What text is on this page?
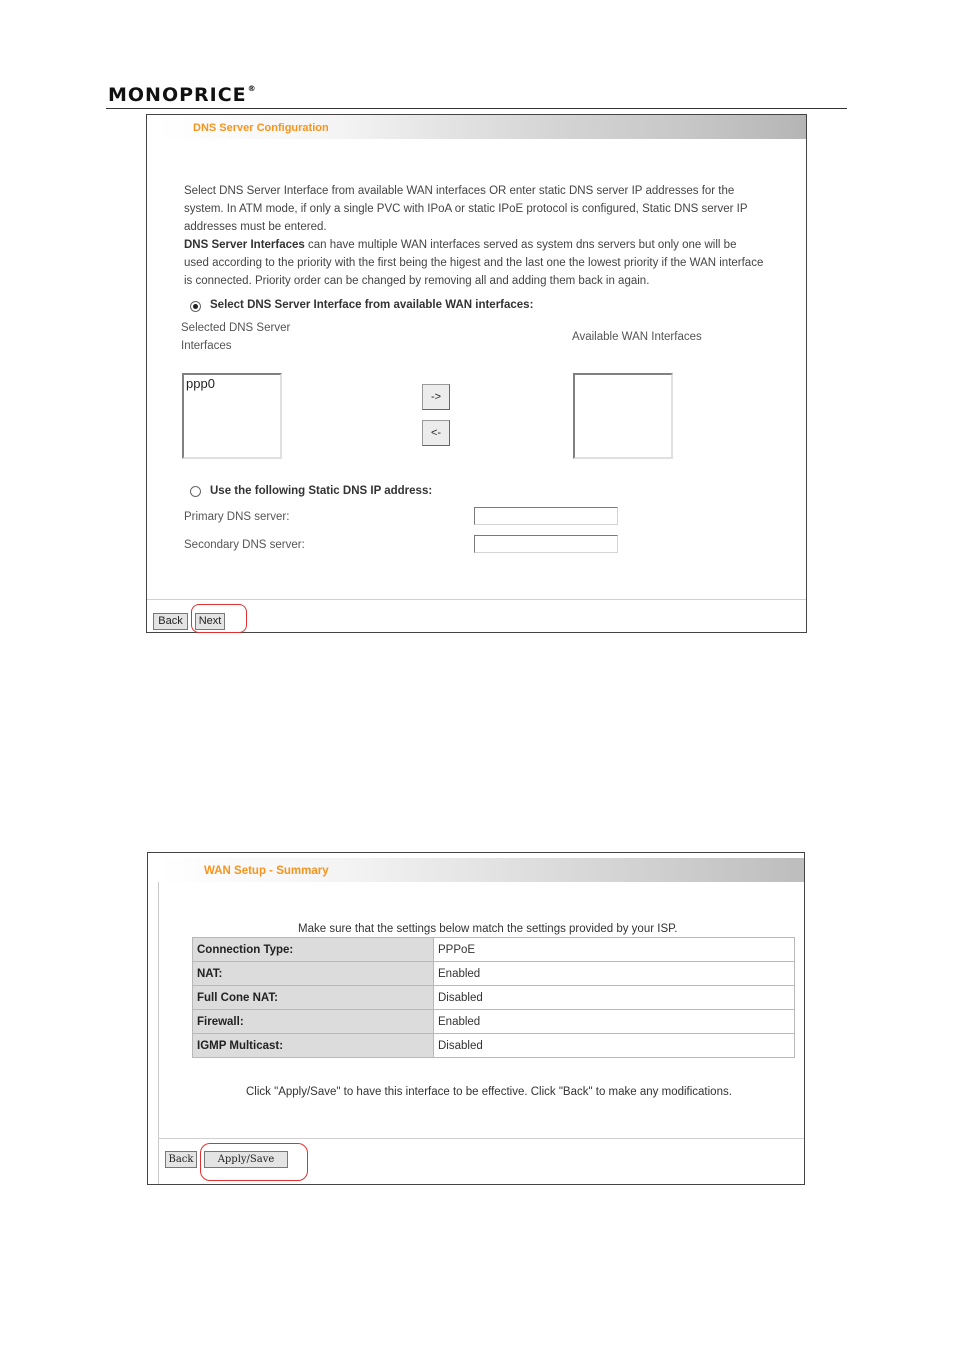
MONOPRICE®
DNS Server Configuration
Select DNS Server Interface from available WAN interfaces OR enter static DNS server IP addresses for the
system. In ATM mode, if only a single PVC with IPoA or static IPoE protocol is configured, Static DNS server IP
addresses must be entered.
DNS Server Interfaces can have multiple WAN interfaces served as system dns servers but only one will be
used according to the priority with the first being the higest and the last one the lowest priority if the WAN interface
is connected. Priority order can be changed by removing all and adding them back in again.
Select DNS Server Interface from available WAN interfaces:
Selected DNS Server
Interfaces
Available WAN Interfaces
ppp0
->
<-
Use the following Static DNS IP address:
Primary DNS server:
Secondary DNS server:
Back	Next
WAN Setup - Summary
Make sure that the settings below match the settings provided by your ISP.
Connection Type:	PPPoE
NAT:	Enabled
Full Cone NAT:	Disabled
Firewall:	Enabled
IGMP Multicast:	Disabled
Click "Apply/Save" to have this interface to be effective. Click "Back" to make any modifications.
Back	Apply/Save
